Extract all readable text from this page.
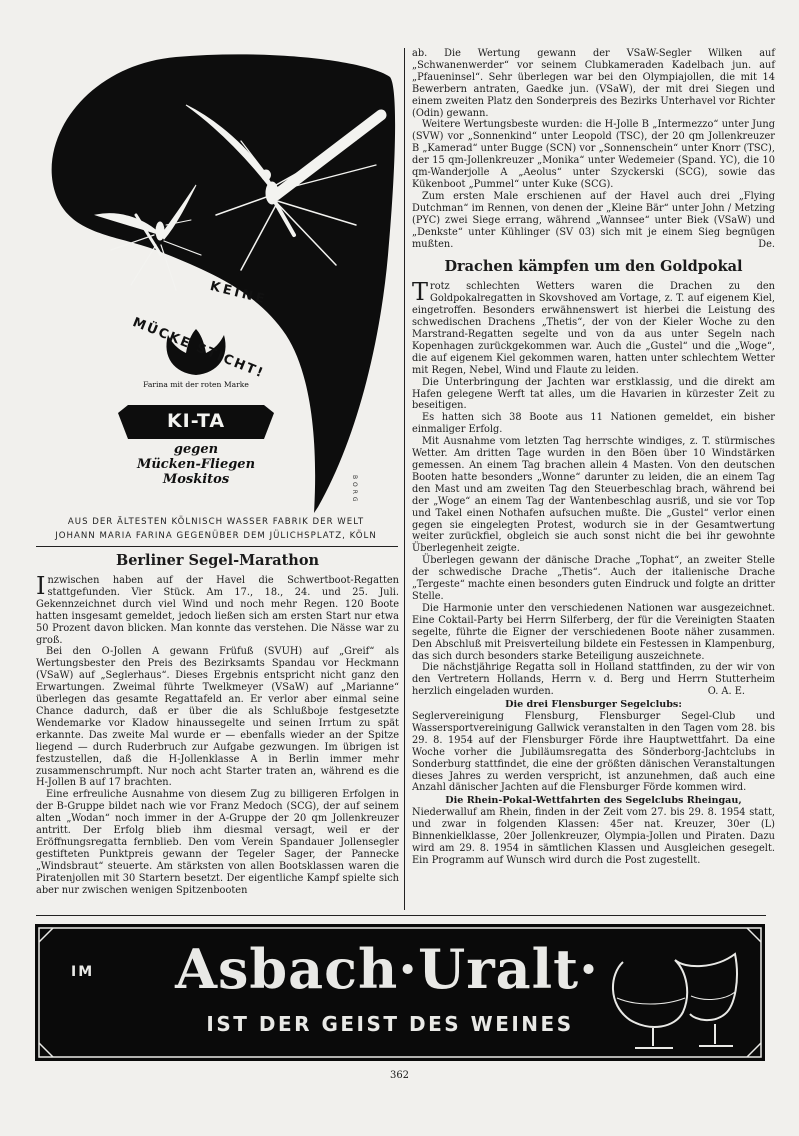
KEINE
MÜCKE STICHT!
Farina mit der roten Marke
KI-TA
gegen
Mücken-Fliegen
Moskitos	BORG
AUS DER ÄLTESTEN KÖLNISCH WASSER FABRIK DER WELT
JOHANN MARIA FARINA GEGENÜBER DEM JÜLICHSPLATZ, KÖLN
Berliner Segel-Marathon

Inzwischen haben auf der Havel die Schwertboot-Regatten stattgefunden. Vier Stück. Am 17., 18., 24. und 25. Juli. Gekennzeichnet durch viel Wind und noch mehr Regen. 120 Boote hatten insgesamt gemeldet, jedoch ließen sich am ersten Start nur etwa 50 Prozent davon blicken. Man konnte das verstehen. Die Nässe war zu groß.

Bei den O-Jollen A gewann Früfuß (SVUH) auf „Greif“ als Wertungsbester den Preis des Bezirksamts Spandau vor Heckmann (VSaW) auf „Seglerhaus“. Dieses Ergebnis entspricht nicht ganz den Erwartungen. Zweimal führte Twelkmeyer (VSaW) auf „Marianne“ überlegen das gesamte Regattafeld an. Er verlor aber einmal seine Chance dadurch, daß er über die als Schlußboje festgesetzte Wendemarke vor Kladow hinaussegelte und seinen Irrtum zu spät erkannte. Das zweite Mal wurde er — ebenfalls wieder an der Spitze liegend — durch Ruderbruch zur Aufgabe gezwungen. Im übrigen ist festzustellen, daß die H-Jollenklasse A in Berlin immer mehr zusammenschrumpft. Nur noch acht Starter traten an, während es die H-Jollen B auf 17 brachten.

Eine erfreuliche Ausnahme von diesem Zug zu billigeren Erfolgen in der B-Gruppe bildet nach wie vor Franz Medoch (SCG), der auf seinem alten „Wodan“ noch immer in der A-Gruppe der 20 qm Jollenkreuzer antritt. Der Erfolg blieb ihm diesmal versagt, weil er der Eröffnungsregatta fernblieb. Den vom Verein Spandauer Jollensegler gestifteten Punktpreis gewann der Tegeler Sager, der Pannecke „Windsbraut“ steuerte. Am stärksten von allen Bootsklassen waren die Piratenjollen mit 30 Startern besetzt. Der eigentliche Kampf spielte sich aber nur zwischen wenigen Spitzenbooten

ab. Die Wertung gewann der VSaW-Segler Wilken auf „Schwanenwerder“ vor seinem Clubkameraden Kadelbach jun. auf „Pfaueninsel“. Sehr überlegen war bei den Olympiajollen, die mit 14 Bewerbern antraten, Gaedke jun. (VSaW), der mit drei Siegen und einem zweiten Platz den Sonderpreis des Bezirks Unterhavel vor Richter (Odin) gewann.

Weitere Wertungsbeste wurden: die H-Jolle B „Intermezzo“ unter Jung (SVW) vor „Sonnenkind“ unter Leopold (TSC), der 20 qm Jollenkreuzer B „Kamerad“ unter Bugge (SCN) vor „Sonnenschein“ unter Knorr (TSC), der 15 qm-Jollenkreuzer „Monika“ unter Wedemeier (Spand. YC), die 10 qm-Wanderjolle A „Aeolus“ unter Szyckerski (SCG), sowie das Kükenboot „Pummel“ unter Kuke (SCG).

Zum ersten Male erschienen auf der Havel auch drei „Flying Dutchman“ im Rennen, von denen der „Kleine Bär“ unter John / Metzing (PYC) zwei Siege errang, während „Wannsee“ unter Biek (VSaW) und „Denkste“ unter Kühlinger (SV 03) sich mit je einem Sieg begnügen mußten.	De.

Drachen kämpfen um den Goldpokal

Trotz schlechten Wetters waren die Drachen zu den Goldpokalregatten in Skovshoved am Vortage, z. T. auf eigenem Kiel, eingetroffen. Besonders erwähnenswert ist hierbei die Leistung des schwedischen Drachens „Thetis“, der von der Kieler Woche zu den Marstrand-Regatten segelte und von da aus unter Segeln nach Kopenhagen zurückgekommen war. Auch die „Gustel“ und die „Woge“, die auf eigenem Kiel gekommen waren, hatten unter schlechtem Wetter mit Regen, Nebel, Wind und Flaute zu leiden.

Die Unterbringung der Jachten war erstklassig, und die direkt am Hafen gelegene Werft tat alles, um die Havarien in kürzester Zeit zu beseitigen.

Es hatten sich 38 Boote aus 11 Nationen gemeldet, ein bisher einmaliger Erfolg.

Mit Ausnahme vom letzten Tag herrschte windiges, z. T. stürmisches Wetter. Am dritten Tage wurden in den Böen über 10 Windstärken gemessen. An einem Tag brachen allein 4 Masten. Von den deutschen Booten hatte besonders „Wonne“ darunter zu leiden, die an einem Tag den Mast und am zweiten Tag den Steuerbeschlag brach, während bei der „Woge“ an einem Tag der Wantenbeschlag ausriß, und sie vor Top und Takel einen Nothafen aufsuchen mußte. Die „Gustel“ verlor einen gegen sie eingelegten Protest, wodurch sie in der Gesamtwertung weiter zurückfiel, obgleich sie auch sonst nicht die bei ihr gewohnte Überlegenheit zeigte.

Überlegen gewann der dänische Drache „Tophat“, an zweiter Stelle der schwedische Drache „Thetis“. Auch der italienische Drache „Tergeste“ machte einen besonders guten Eindruck und folgte an dritter Stelle.

Die Harmonie unter den verschiedenen Nationen war ausgezeichnet. Eine Coktail-Party bei Herrn Silferberg, der für die Vereinigten Staaten segelte, führte die Eigner der verschiedenen Boote näher zusammen. Den Abschluß mit Preisverteilung bildete ein Festessen in Klampenburg, das sich durch besonders starke Beteiligung auszeichnete.

Die nächstjährige Regatta soll in Holland stattfinden, zu der wir von den Vertretern Hollands, Herrn v. d. Berg und Herrn Stutterheim herzlich eingeladen wurden.	O. A. E.

Die drei Flensburger Segelclubs:

Seglervereinigung Flensburg, Flensburger Segel-Club und Wassersportvereinigung Gallwick veranstalten in den Tagen vom 28. bis 29. 8. 1954 auf der Flensburger Förde ihre Hauptwettfahrt. Da eine Woche vorher die Jubiläumsregatta des Sönderborg-Jachtclubs in Sonderburg stattfindet, die eine der größten dänischen Veranstaltungen dieses Jahres zu werden verspricht, ist anzunehmen, daß auch eine Anzahl dänischer Jachten auf die Flensburger Förde kommen wird.

Die Rhein-Pokal-Wettfahrten des Segelclubs Rheingau,

Niederwalluf am Rhein, finden in der Zeit vom 27. bis 29. 8. 1954 statt, und zwar in folgenden Klassen: 45er nat. Kreuzer, 30er (L) Binnenkielklasse, 20er Jollenkreuzer, Olympia-Jollen und Piraten. Dazu wird am 29. 8. 1954 in sämtlichen Klassen und Ausgleichen gesegelt. Ein Programm auf Wunsch wird durch die Post zugestellt.

IM	Asbach·Uralt·
IST DER GEIST DES WEINES
362
